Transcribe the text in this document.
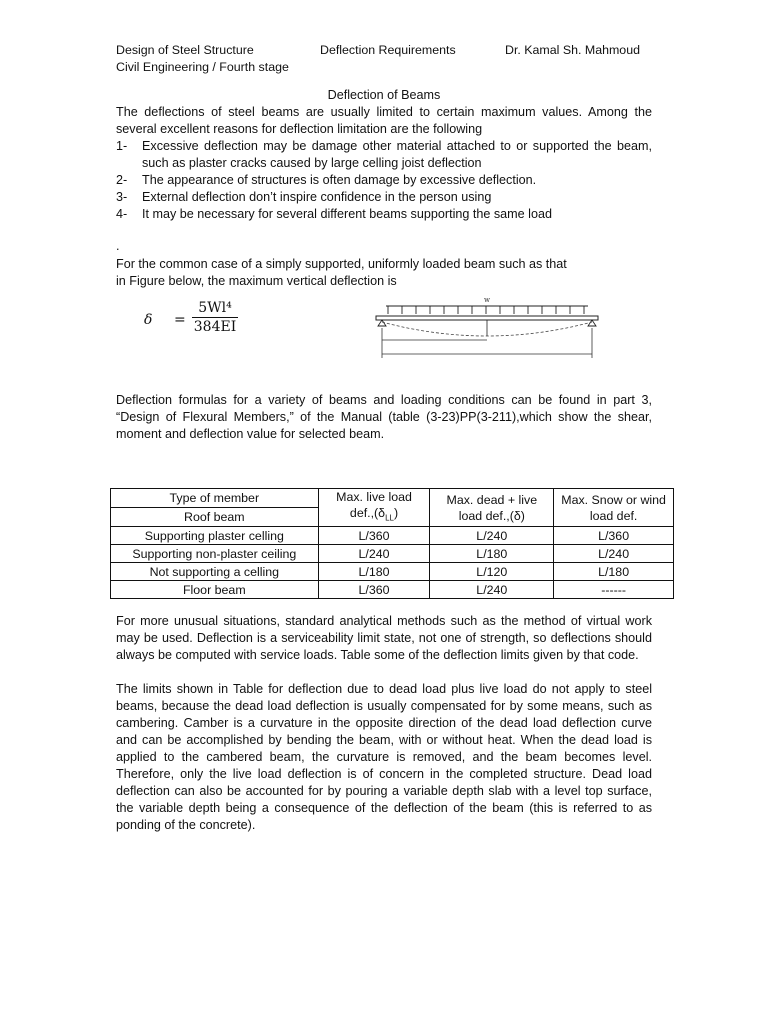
Design of Steel Structure	Deflection Requirements	Dr. Kamal Sh. Mahmoud
Civil Engineering / Fourth stage
Deflection of Beams
The deflections of steel beams are usually limited to certain maximum values. Among the several excellent reasons for deflection limitation are the following
1- Excessive deflection may be damage other material attached to or supported the beam, such as plaster cracks caused by large celling joist deflection
2- The appearance of structures is often damage by excessive deflection.
3- External deflection don’t inspire confidence in the person using
4- It may be necessary for several different beams supporting the same load
.
For the common case of a simply supported, uniformly loaded beam such as that
in Figure below, the maximum vertical deflection is
$\delta = \frac{\text{5Wl⁴}}{384EI}$	w
Deflection formulas for a variety of beams and loading conditions can be found in part 3, “Design of Flexural Members,” of the Manual (table (3-23)PP(3-211),which show the shear, moment and deflection value for selected beam.
Type of member	Max. live load $def.,(\delta_{LL})$	Max. dead + live load def.,(δ)	Max. Snow or wind load def.
Roof beam			
Supporting plaster celling	L/360	L/240	L/360
Supporting non-plaster ceiling	L/240	L/180	L/240
Not supporting a celling	L/180	L/120	L/180
Floor beam	L/360	L/240	------
For more unusual situations, standard analytical methods such as the method of virtual work may be used. Deflection is a serviceability limit state, not one of strength, so deflections should always be computed with service loads. Table some of the deflection limits given by that code.
The limits shown in Table for deflection due to dead load plus live load do not apply to steel beams, because the dead load deflection is usually compensated for by some means, such as cambering. Camber is a curvature in the opposite direction of the dead load deflection curve and can be accomplished by bending the beam, with or without heat. When the dead load is applied to the cambered beam, the curvature is removed, and the beam becomes level. Therefore, only the live load deflection is of concern in the completed structure. Dead load deflection can also be accounted for by pouring a variable depth slab with a level top surface, the variable depth being a consequence of the deflection of the beam (this is referred to as ponding of the concrete).
